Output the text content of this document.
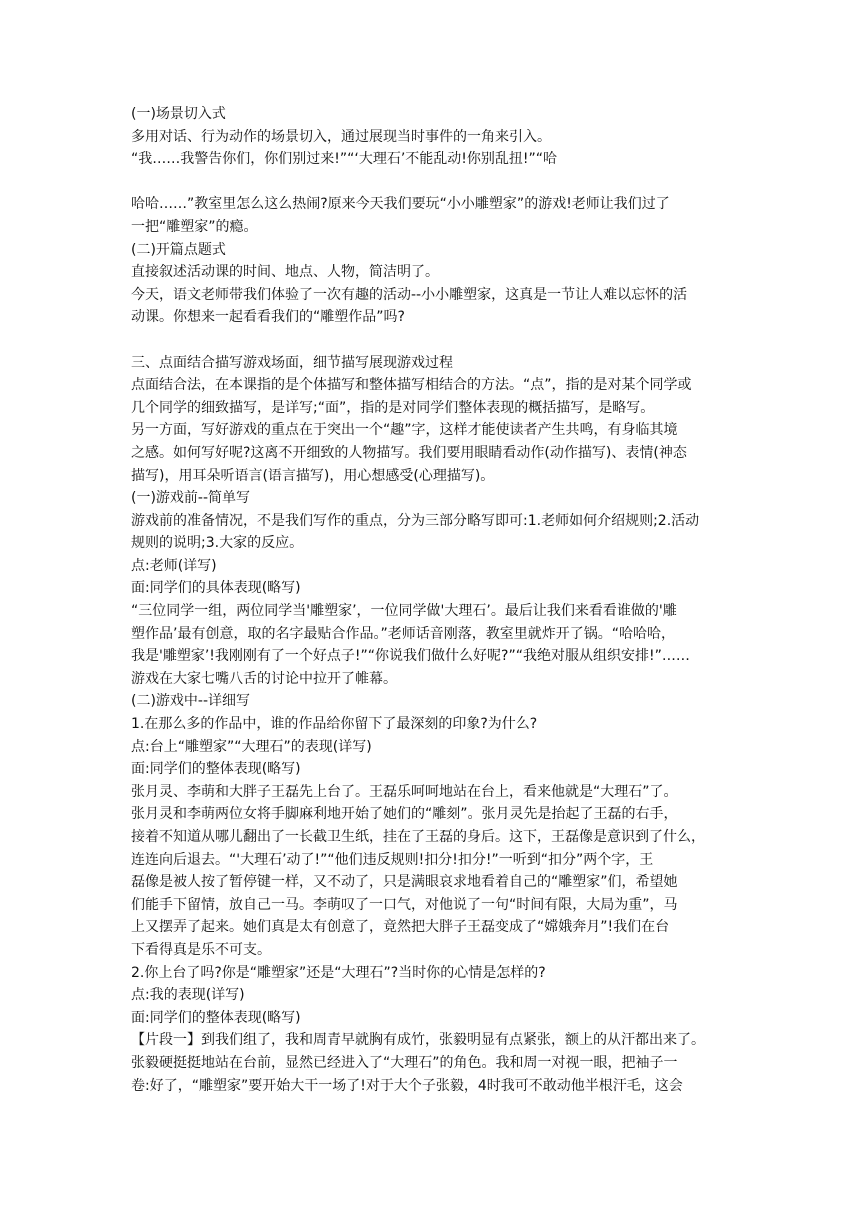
(一)场景切入式
多用对话、行为动作的场景切入，通过展现当时事件的一角来引入。
“我……我警告你们，你们别过来!”“‘大理石’不能乱动!你别乱扭!”“哈
哈哈……”教室里怎么这么热闹?原来今天我们要玩“小小雕塑家”的游戏!老师让我们过了
一把“雕塑家”的瘾。
(二)开篇点题式
直接叙述活动课的时间、地点、人物，简洁明了。
今天，语文老师带我们体验了一次有趣的活动--小小雕塑家，这真是一节让人难以忘怀的活
动课。你想来一起看看我们的“雕塑作品”吗?
三、点面结合描写游戏场面，细节描写展现游戏过程
点面结合法，在本课指的是个体描写和整体描写相结合的方法。“点”，指的是对某个同学或
几个同学的细致描写，是详写;“面”，指的是对同学们整体表现的概括描写，是略写。
另一方面，写好游戏的重点在于突出一个“趣”字，这样才能使读者产生共鸣，有身临其境
之感。如何写好呢?这离不开细致的人物描写。我们要用眼睛看动作(动作描写)、表情(神态
描写)，用耳朵听语言(语言描写)，用心想感受(心理描写)。
(一)游戏前--简单写
游戏前的准备情况，不是我们写作的重点，分为三部分略写即可:1.老师如何介绍规则;2.活动
规则的说明;3.大家的反应。
点:老师(详写)
面:同学们的具体表现(略写)
“三位同学一组，两位同学当'雕塑家’，一位同学做'大理石’。最后让我们来看看谁做的'雕
塑作品’最有创意，取的名字最贴合作品。”老师话音刚落，教室里就炸开了锅。“哈哈哈，
我是'雕塑家’!我刚刚有了一个好点子!”“你说我们做什么好呢?”“我绝对服从组织安排!”……
游戏在大家七嘴八舌的讨论中拉开了帷幕。
(二)游戏中--详细写
1.在那么多的作品中，谁的作品给你留下了最深刻的印象?为什么?
点:台上“雕塑家”“大理石”的表现(详写)
面:同学们的整体表现(略写)
张月灵、李萌和大胖子王磊先上台了。王磊乐呵呵地站在台上，看来他就是“大理石”了。
张月灵和李萌两位女将手脚麻利地开始了她们的“雕刻”。张月灵先是抬起了王磊的右手，
接着不知道从哪儿翻出了一长截卫生纸，挂在了王磊的身后。这下，王磊像是意识到了什么，
连连向后退去。“'大理石’动了!”“他们违反规则!扣分!扣分!”一听到“扣分”两个字，王
磊像是被人按了暂停键一样，又不动了，只是满眼哀求地看着自己的“雕塑家”们，希望她
们能手下留情，放自己一马。李萌叹了一口气，对他说了一句“时间有限，大局为重”，马
上又摆弄了起来。她们真是太有创意了，竟然把大胖子王磊变成了“嫦娥奔月”!我们在台
下看得真是乐不可支。
2.你上台了吗?你是“雕塑家”还是“大理石”?当时你的心情是怎样的?
点:我的表现(详写)
面:同学们的整体表现(略写)
【片段一】到我们组了，我和周青早就胸有成竹，张毅明显有点紧张，额上的从汗都出来了。
张毅硬挺挺地站在台前，显然已经进入了“大理石”的角色。我和周一对视一眼，把袖子一
卷:好了，“雕塑家”要开始大干一场了!对于大个子张毅，4时我可不敢动他半根汗毛，这会
